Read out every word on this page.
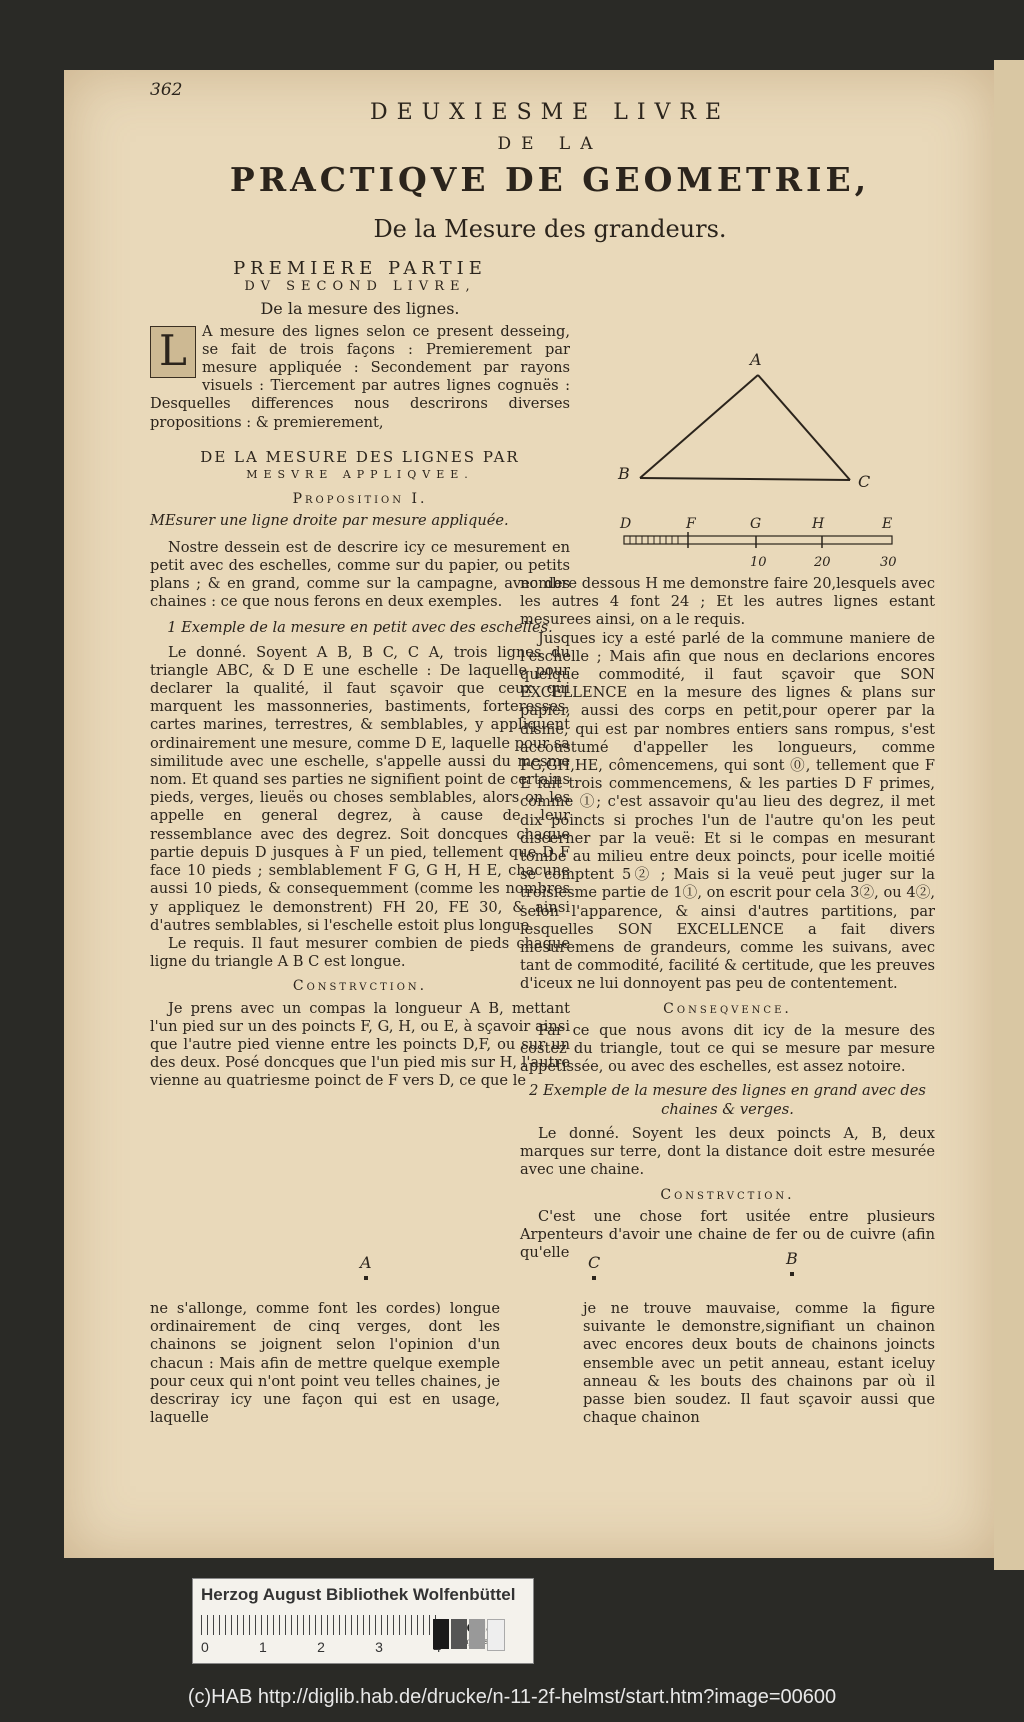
362
DEUXIESME LIVRE
DE LA
PRACTIQVE DE GEOMETRIE,
De la Mesure des grandeurs.
PREMIERE PARTIE
DV SECOND LIVRE,
De la mesure des lignes.

L	A mesure des lignes selon ce present desseing, se fait de trois façons : Premierement par mesure appliquée : Secondement par rayons visuels : Tiercement par autres lignes cognuës : Desquelles differences nous descrirons diverses propositions : & premierement,

DE LA MESURE DES LIGNES PAR
MESVRE APPLIQVEE.
Proposition I.
MEsurer une ligne droite par mesure appliquée.

Nostre dessein est de descrire icy ce mesurement en petit avec des eschelles, comme sur du papier, ou petits plans ; & en grand, comme sur la campagne, avec des chaines : ce que nous ferons en deux exemples.

1 Exemple de la mesure en petit avec des eschelles.

Le donné. Soyent A B, B C, C A, trois lignes du triangle ABC, & D E une eschelle : De laquelle pour declarer la qualité, il faut sçavoir que ceux qui marquent les massonneries, bastiments, forteresses, cartes marines, terrestres, & semblables, y appliquent ordinairement une mesure, comme D E, laquelle pour sa similitude avec une eschelle, s'appelle aussi du mesme nom. Et quand ses parties ne signifient point de certains pieds, verges, lieuës ou choses semblables, alors on les appelle en general degrez, à cause de leur ressemblance avec des degrez. Soit doncques chaque partie depuis D jusques à F un pied, tellement que D F face 10 pieds ; semblablement F G, G H, H E, chacune aussi 10 pieds, & consequemment (comme les nombres y appliquez le demonstrent) FH 20, FE 30, & ainsi d'autres semblables, si l'eschelle estoit plus longue.

Le requis. Il faut mesurer combien de pieds chaque ligne du triangle A B C est longue.

Constrvction.

Je prens avec un compas la longueur A B, mettant l'un pied sur un des poincts F, G, H, ou E, à sçavoir ainsi que l'autre pied vienne entre les poincts D,F, ou sur un des deux. Posé doncques que l'un pied mis sur H, l'autre vienne au quatriesme poinct de F vers D, ce que le

A
B	C
D	F	G	H	E
10	20	30

nombre dessous H me demonstre faire 20,lesquels avec les autres 4 font 24 ; Et les autres lignes estant mesurees ainsi, on a le requis.

Jusques icy a esté parlé de la commune maniere de l'eschelle ; Mais afin que nous en declarions encores quelque commodité, il faut sçavoir que SON EXCELLENCE en la mesure des lignes & plans sur papier, aussi des corps en petit,pour operer par la disme, qui est par nombres entiers sans rompus, s'est accoustumé d'appeller les longueurs, comme FG,GH,HE, cômencemens, qui sont ⓪, tellement que F E fait trois commencemens, & les parties D F primes, comme ①; c'est assavoir qu'au lieu des degrez, il met dix poincts si proches l'un de l'autre qu'on les peut discerner par la veuë: Et si le compas en mesurant tombe au milieu entre deux poincts, pour icelle moitié se comptent 5② ; Mais si la veuë peut juger sur la troisiesme partie de 1①, on escrit pour cela 3②, ou 4②, selon l'apparence, & ainsi d'autres partitions, par lesquelles SON EXCELLENCE a fait divers mesuremens de grandeurs, comme les suivans, avec tant de commodité, facilité & certitude, que les preuves d'iceux ne lui donnoyent pas peu de contentement.

Conseqvence.

Par ce que nous avons dit icy de la mesure des costez du triangle, tout ce qui se mesure par mesure appetissée, ou avec des eschelles, est assez notoire.

2 Exemple de la mesure des lignes en grand avec des chaines & verges.

Le donné. Soyent les deux poincts A, B, deux marques sur terre, dont la distance doit estre mesurée avec une chaine.

Constrvction.

C'est une chose fort usitée entre plusieurs Arpenteurs d'avoir une chaine de fer ou de cuivre (afin qu'elle

A	C	B
ne s'allonge, comme font les cordes) longue ordinairement de cinq verges, dont les chainons se joignent selon l'opinion d'un chacun : Mais afin de mettre quelque exemple pour ceux qui n'ont point veu telles chaines, je descriray icy une façon qui est en usage, laquelle
je ne trouve mauvaise, comme la figure suivante le demonstre,signifiant un chainon avec encores deux bouts de chainons joincts ensemble avec un petit anneau, estant iceluy anneau & les bouts des chainons par où il passe bien soudez. Il faut sçavoir aussi que chaque chainon
Herzog August Bibliothek Wolfenbüttel
0	1	2	3
(c)HAB http://diglib.hab.de/drucke/n-11-2f-helmst/start.htm?image=00600
